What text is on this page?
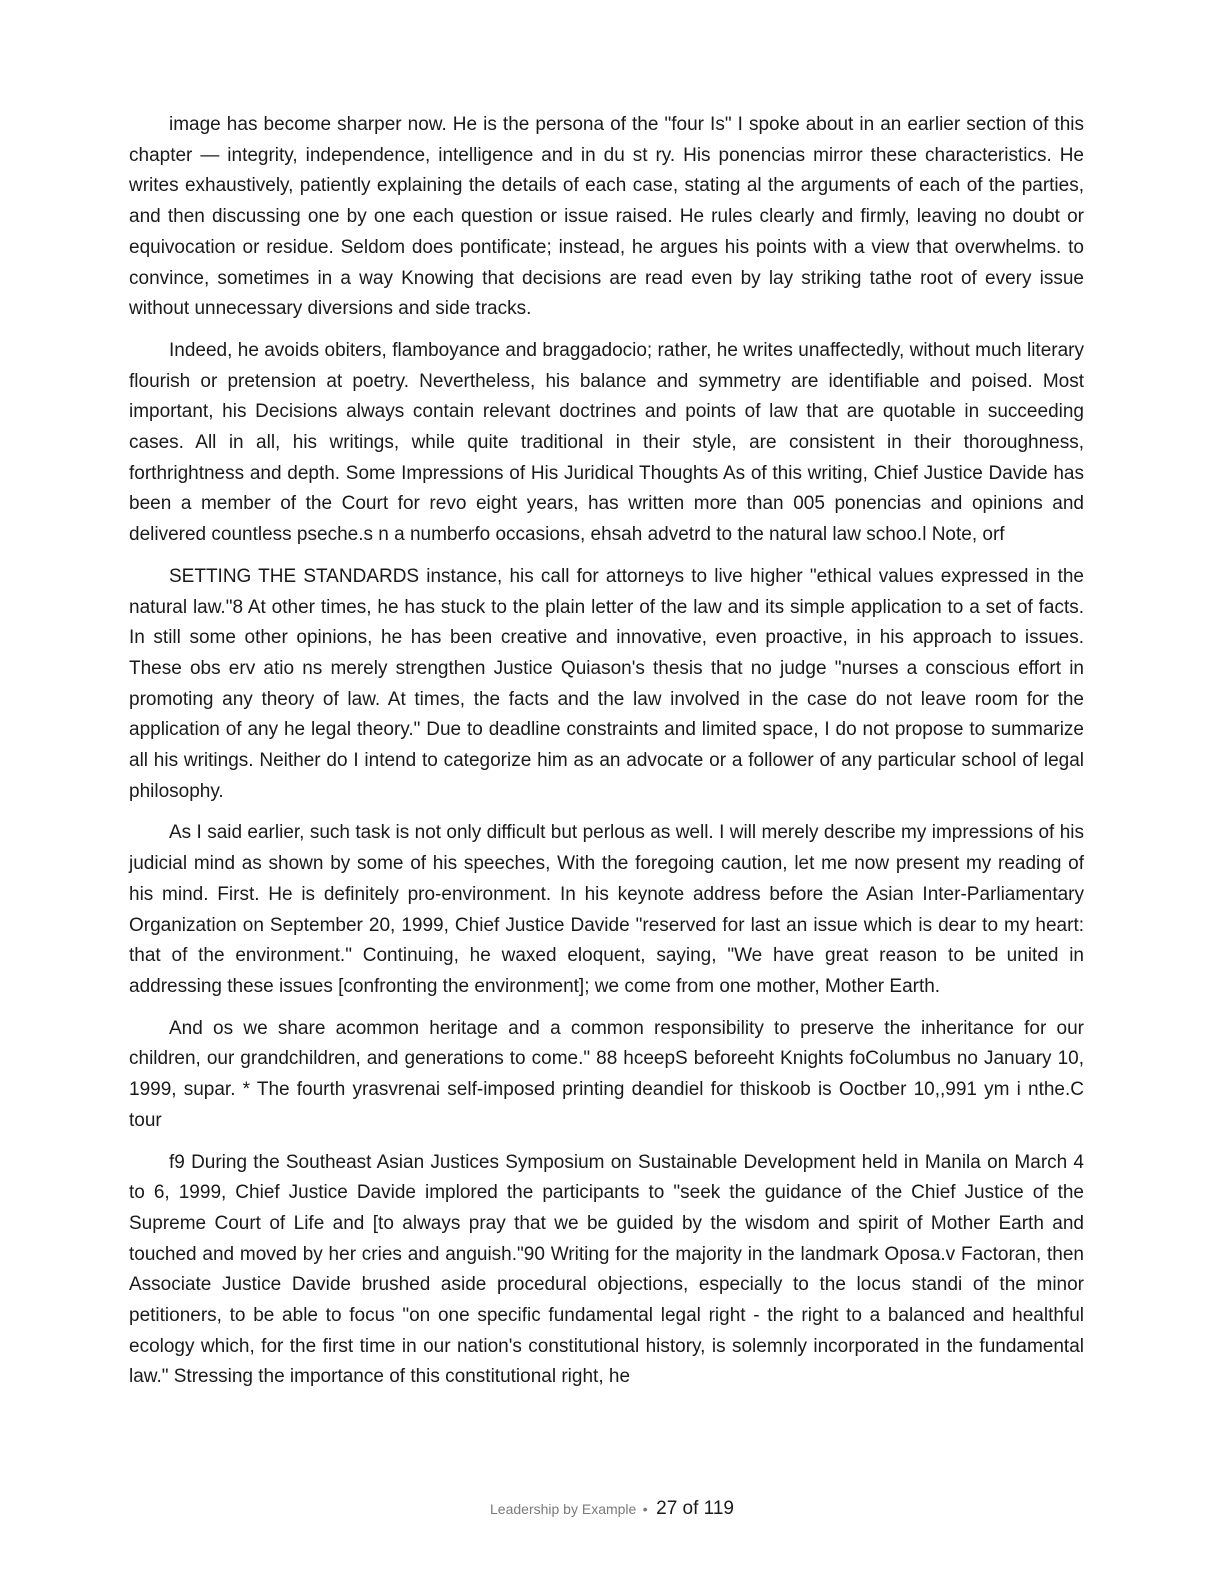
image has become sharper now. He is the persona of the "four Is" I spoke about in an earlier section of this chapter — integrity, independence, intelligence and in du st ry. His ponencias mirror these characteristics. He writes exhaustively, patiently explaining the details of each case, stating al the arguments of each of the parties, and then discussing one by one each question or issue raised. He rules clearly and firmly, leaving no doubt or equivocation or residue. Seldom does pontificate; instead, he argues his points with a view that overwhelms. to convince, sometimes in a way Knowing that decisions are read even by lay striking tathe root of every issue without unnecessary diversions and side tracks.

Indeed, he avoids obiters, flamboyance and braggadocio; rather, he writes unaffectedly, without much literary flourish or pretension at poetry. Nevertheless, his balance and symmetry are identifiable and poised. Most important, his Decisions always contain relevant doctrines and points of law that are quotable in succeeding cases. All in all, his writings, while quite traditional in their style, are consistent in their thoroughness, forthrightness and depth. Some Impressions of His Juridical Thoughts As of this writing, Chief Justice Davide has been a member of the Court for revo eight years, has written more than 005 ponencias and opinions and delivered countless pseche.s n a numberfo occasions, ehsah advetrd to the natural law schoo.l Note, orf

SETTING THE STANDARDS instance, his call for attorneys to live higher "ethical values expressed in the natural law."8 At other times, he has stuck to the plain letter of the law and its simple application to a set of facts. In still some other opinions, he has been creative and innovative, even proactive, in his approach to issues. These obs erv atio ns merely strengthen Justice Quiason's thesis that no judge "nurses a conscious effort in promoting any theory of law. At times, the facts and the law involved in the case do not leave room for the application of any he legal theory." Due to deadline constraints and limited space, I do not propose to summarize all his writings. Neither do I intend to categorize him as an advocate or a follower of any particular school of legal philosophy.

As I said earlier, such task is not only difficult but perlous as well. I will merely describe my impressions of his judicial mind as shown by some of his speeches, With the foregoing caution, let me now present my reading of his mind. First. He is definitely pro-environment. In his keynote address before the Asian Inter-Parliamentary Organization on September 20, 1999, Chief Justice Davide "reserved for last an issue which is dear to my heart: that of the environment." Continuing, he waxed eloquent, saying, "We have great reason to be united in addressing these issues [confronting the environment]; we come from one mother, Mother Earth.

And os we share acommon heritage and a common responsibility to preserve the inheritance for our children, our grandchildren, and generations to come." 88 hceepS beforeeht Knights foColumbus no January 10, 1999, supar. * The fourth yrasvrenai self-imposed printing deandiel for thiskoob is Ooctber 10,,991 ym i nthe.C tour

f9 During the Southeast Asian Justices Symposium on Sustainable Development held in Manila on March 4 to 6, 1999, Chief Justice Davide implored the participants to "seek the guidance of the Chief Justice of the Supreme Court of Life and [to always pray that we be guided by the wisdom and spirit of Mother Earth and touched and moved by her cries and anguish."90 Writing for the majority in the landmark Oposa.v Factoran, then Associate Justice Davide brushed aside procedural objections, especially to the locus standi of the minor petitioners, to be able to focus "on one specific fundamental legal right - the right to a balanced and healthful ecology which, for the first time in our nation's constitutional history, is solemnly incorporated in the fundamental law." Stressing the importance of this constitutional right, he

Leadership by Example • 27 of 119
